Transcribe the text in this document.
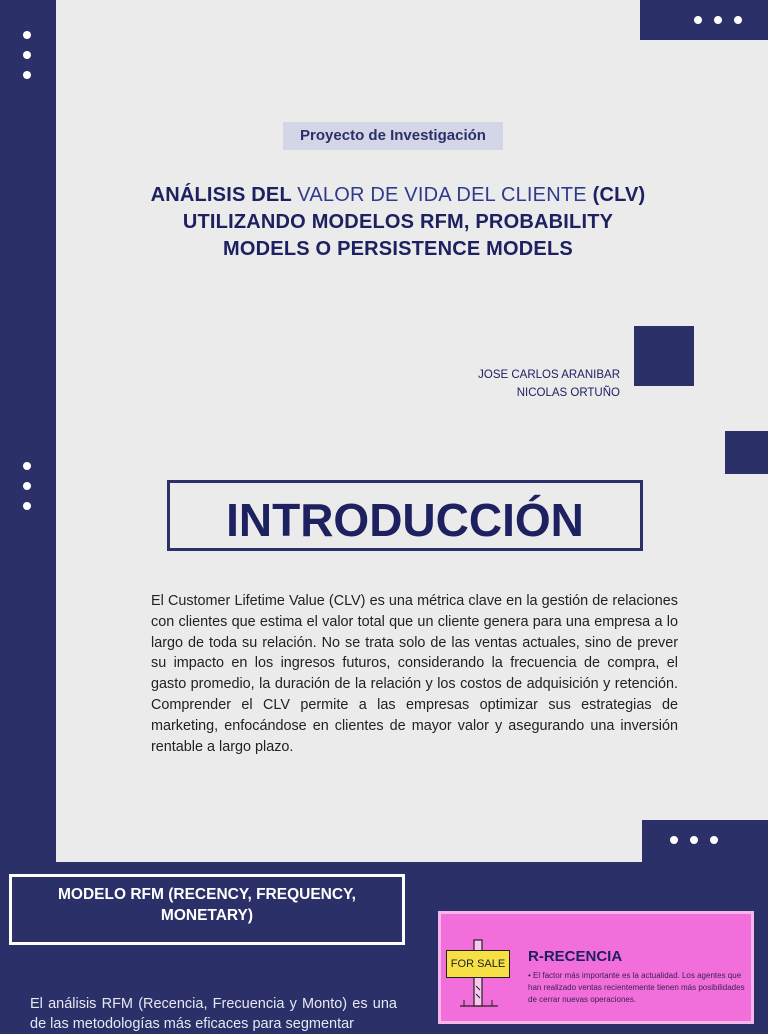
Proyecto de Investigación
ANÁLISIS DEL VALOR DE VIDA DEL CLIENTE (CLV)
UTILIZANDO MODELOS RFM, PROBABILITY
MODELS O PERSISTENCE MODELS
JOSE CARLOS ARANIBAR
NICOLAS ORTUÑO
INTRODUCCIÓN
El Customer Lifetime Value (CLV) es una métrica clave en la gestión de relaciones con clientes que estima el valor total que un cliente genera para una empresa a lo largo de toda su relación. No se trata solo de las ventas actuales, sino de prever su impacto en los ingresos futuros, considerando la frecuencia de compra, el gasto promedio, la duración de la relación y los costos de adquisición y retención. Comprender el CLV permite a las empresas optimizar sus estrategias de marketing, enfocándose en clientes de mayor valor y asegurando una inversión rentable a largo plazo.
MODELO RFM (RECENCY, FREQUENCY,
MONETARY)
El análisis RFM (Recencia, Frecuencia y Monto) es una de las metodologías más eficaces para segmentar
FOR SALE	R-RECENCIA
• El factor más importante es la actualidad. Los agentes que han realizado ventas recientemente tienen más posibilidades de cerrar nuevas operaciones.
